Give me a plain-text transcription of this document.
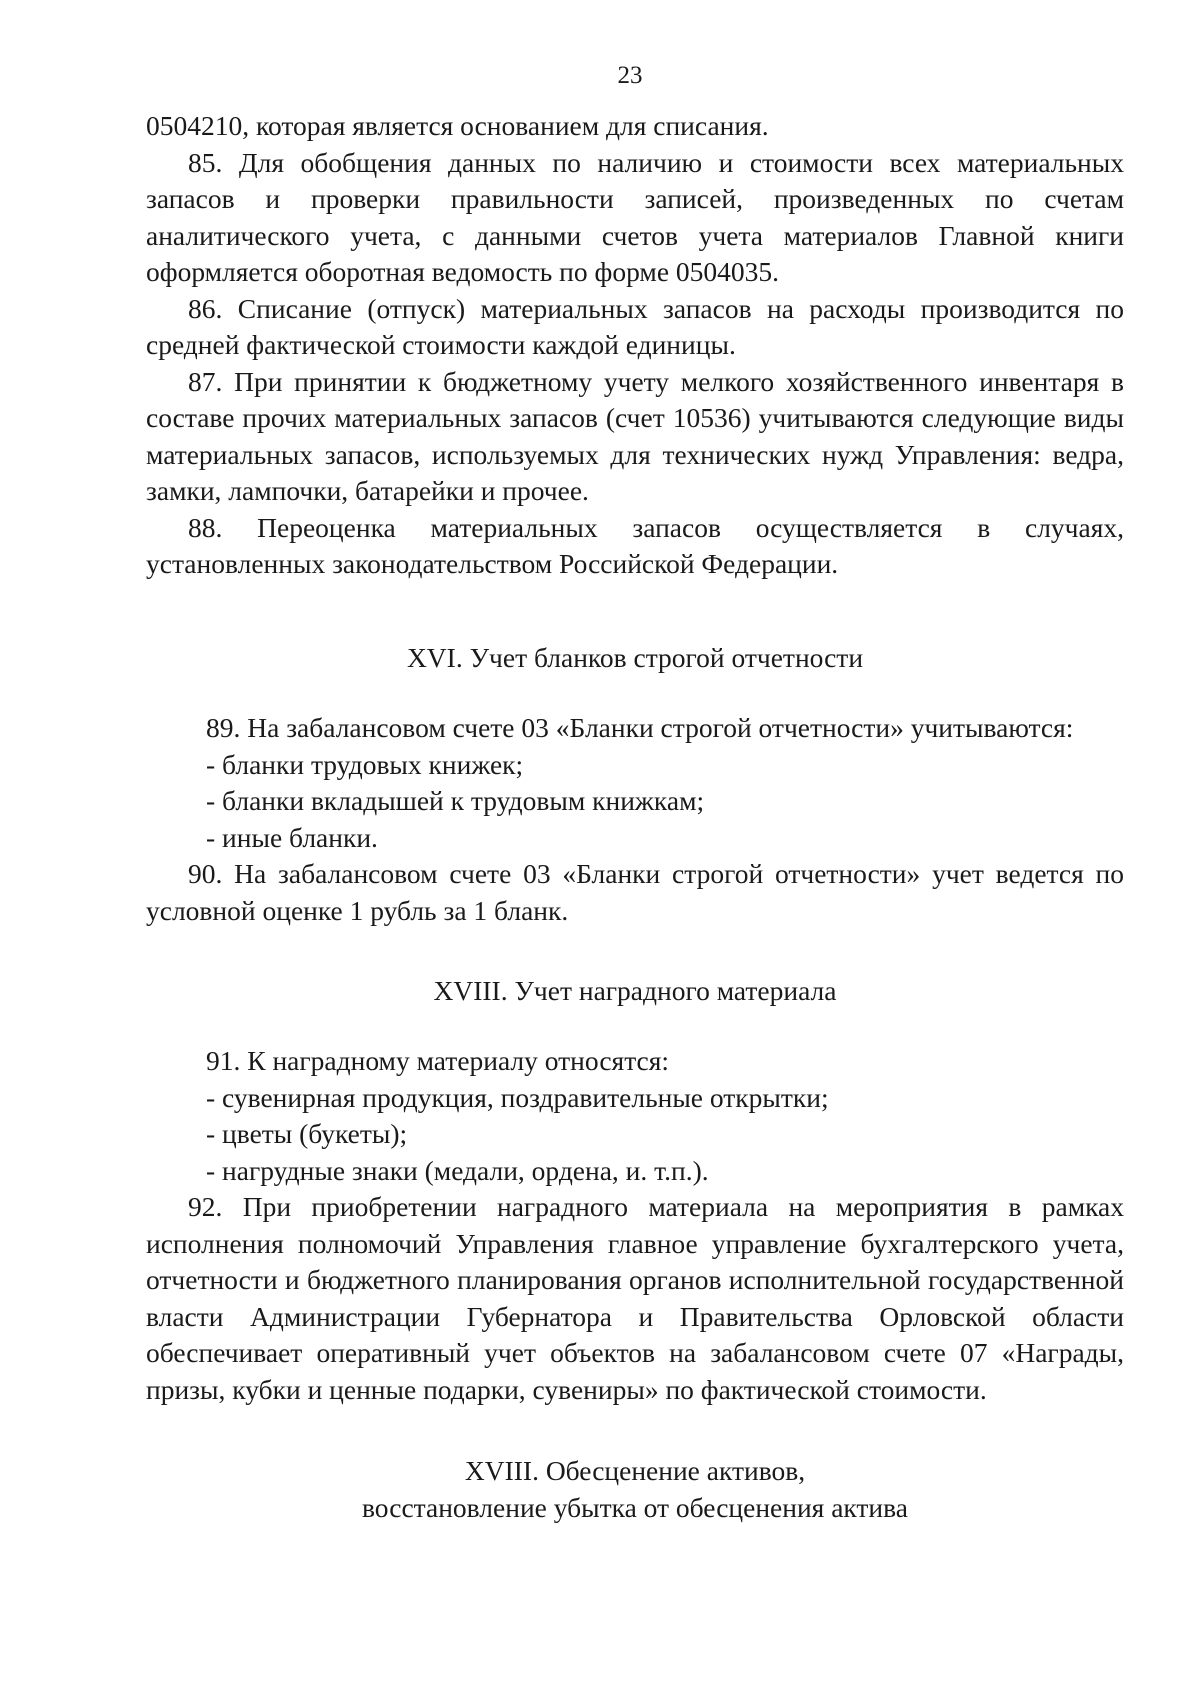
23

0504210, которая является основанием для списания.

85. Для обобщения данных по наличию и стоимости всех материальных запасов и проверки правильности записей, произведенных по счетам аналитического учета, с данными счетов учета материалов Главной книги оформляется оборотная ведомость по форме 0504035.

86. Списание (отпуск) материальных запасов на расходы производится по средней фактической стоимости каждой единицы.

87. При принятии к бюджетному учету мелкого хозяйственного инвентаря в составе прочих материальных запасов (счет 10536) учитываются следующие виды материальных запасов, используемых для технических нужд Управления: ведра, замки, лампочки, батарейки и прочее.

88. Переоценка материальных запасов осуществляется в случаях, установленных законодательством Российской Федерации.

XVI. Учет бланков строгой отчетности

89. На забалансовом счете 03 «Бланки строгой отчетности» учитываются:

- бланки трудовых книжек;

- бланки вкладышей к трудовым книжкам;

- иные бланки.

90. На забалансовом счете 03 «Бланки строгой отчетности» учет ведется по условной оценке 1 рубль за 1 бланк.

XVIII. Учет наградного материала

91. К наградному материалу относятся:

- сувенирная продукция, поздравительные открытки;

- цветы (букеты);

- нагрудные знаки (медали, ордена, и. т.п.).

92. При приобретении наградного материала на мероприятия в рамках исполнения полномочий Управления главное управление бухгалтерского учета, отчетности и бюджетного планирования органов исполнительной государственной власти Администрации Губернатора и Правительства Орловской области обеспечивает оперативный учет объектов на забалансовом счете 07 «Награды, призы, кубки и ценные подарки, сувениры» по фактической стоимости.

XVIII. Обесценение активов,
восстановление убытка от обесценения актива
